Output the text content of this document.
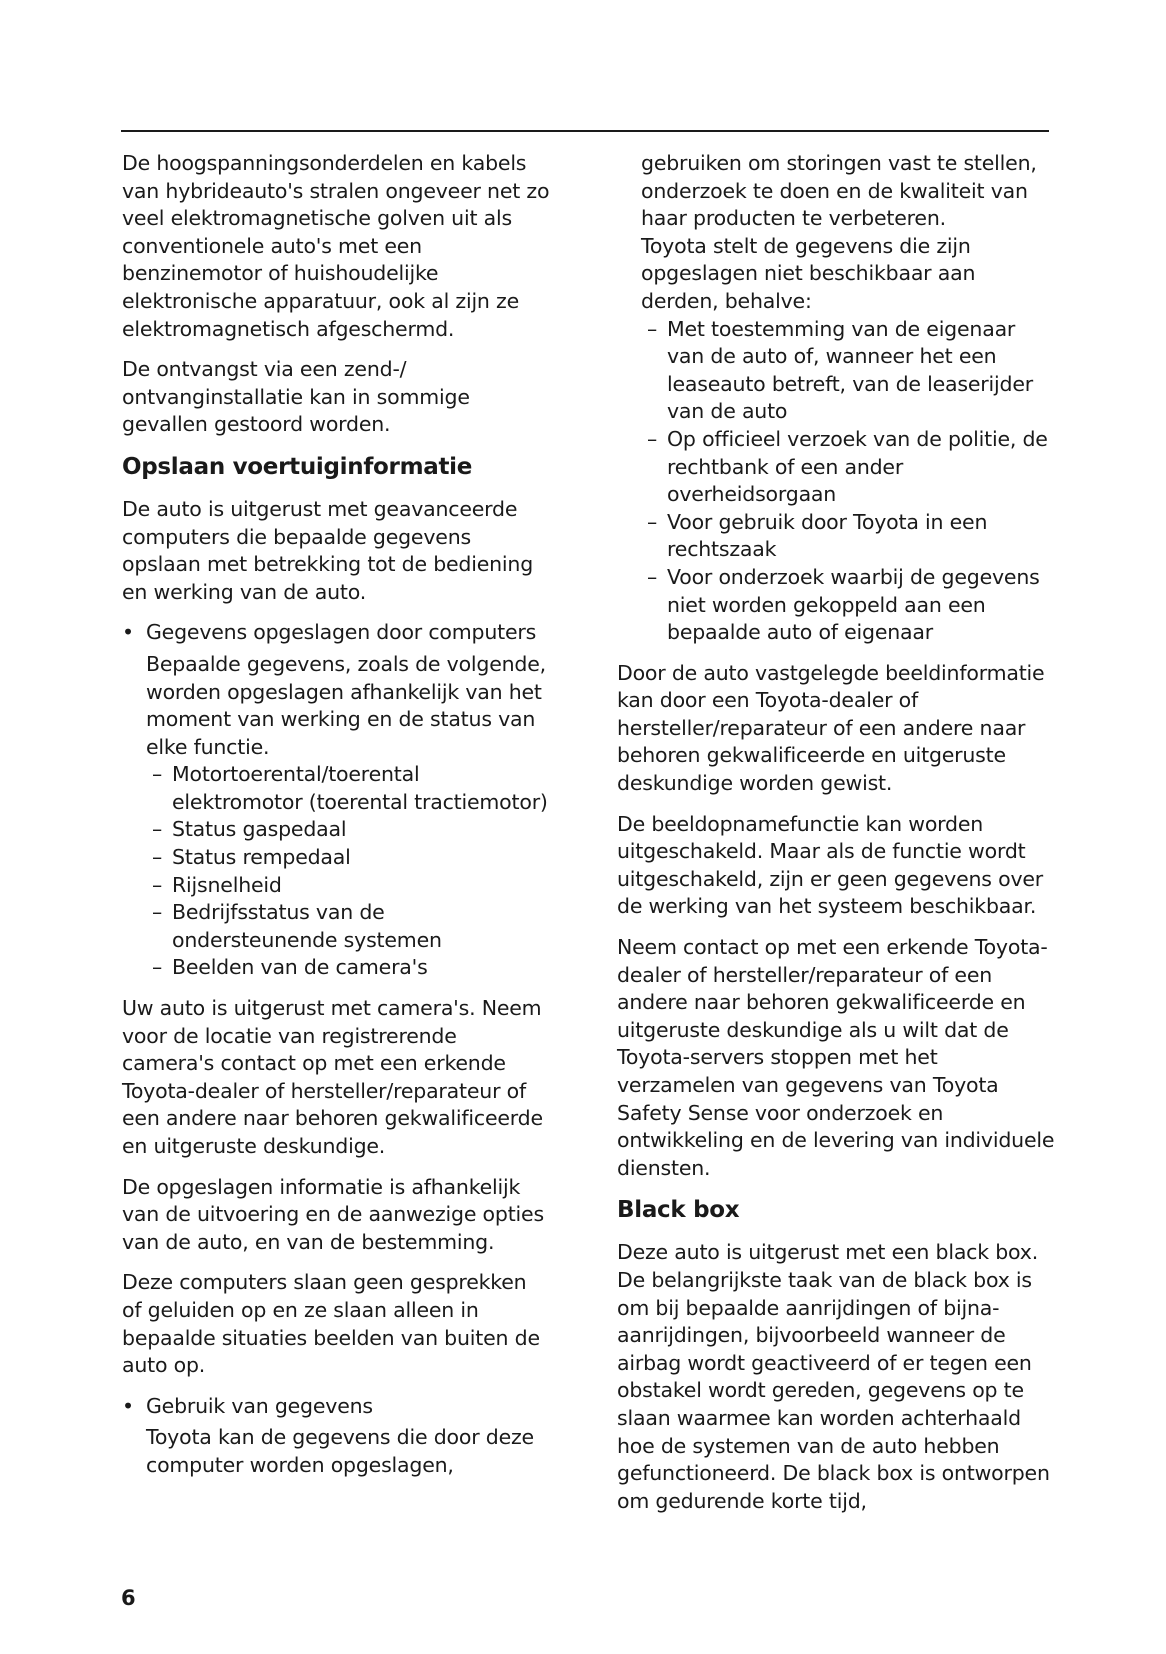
De hoogspanningsonderdelen en kabels van hybrideauto's stralen ongeveer net zo veel elektromagnetische golven uit als conventionele auto's met een benzinemotor of huishoudelijke elektronische apparatuur, ook al zijn ze elektromagnetisch afgeschermd.

De ontvangst via een zend-/ ontvanginstallatie kan in sommige gevallen gestoord worden.

Opslaan voertuiginformatie

De auto is uitgerust met geavanceerde computers die bepaalde gegevens opslaan met betrekking tot de bediening en werking van de auto.

• Gegevens opgeslagen door computers

Bepaalde gegevens, zoals de volgende, worden opgeslagen afhankelijk van het moment van werking en de status van elke functie.

– Motortoerental/toerental elektromotor (toerental tractiemotor)
– Status gaspedaal
– Status rempedaal
– Rijsnelheid
– Bedrijfsstatus van de ondersteunende systemen
– Beelden van de camera's

Uw auto is uitgerust met camera's. Neem voor de locatie van registrerende camera's contact op met een erkende Toyota-dealer of hersteller/reparateur of een andere naar behoren gekwalificeerde en uitgeruste deskundige.

De opgeslagen informatie is afhankelijk van de uitvoering en de aanwezige opties van de auto, en van de bestemming.

Deze computers slaan geen gesprekken of geluiden op en ze slaan alleen in bepaalde situaties beelden van buiten de auto op.

• Gebruik van gegevens

Toyota kan de gegevens die door deze computer worden opgeslagen,

gebruiken om storingen vast te stellen, onderzoek te doen en de kwaliteit van haar producten te verbeteren.

Toyota stelt de gegevens die zijn opgeslagen niet beschikbaar aan derden, behalve:

– Met toestemming van de eigenaar van de auto of, wanneer het een leaseauto betreft, van de leaserijder van de auto
– Op officieel verzoek van de politie, de rechtbank of een ander overheidsorgaan
– Voor gebruik door Toyota in een rechtszaak
– Voor onderzoek waarbij de gegevens niet worden gekoppeld aan een bepaalde auto of eigenaar

Door de auto vastgelegde beeldinformatie kan door een Toyota-dealer of hersteller/reparateur of een andere naar behoren gekwalificeerde en uitgeruste deskundige worden gewist.

De beeldopnamefunctie kan worden uitgeschakeld. Maar als de functie wordt uitgeschakeld, zijn er geen gegevens over de werking van het systeem beschikbaar.

Neem contact op met een erkende Toyota-dealer of hersteller/reparateur of een andere naar behoren gekwalificeerde en uitgeruste deskundige als u wilt dat de Toyota-servers stoppen met het verzamelen van gegevens van Toyota Safety Sense voor onderzoek en ontwikkeling en de levering van individuele diensten.

Black box

Deze auto is uitgerust met een black box. De belangrijkste taak van de black box is om bij bepaalde aanrijdingen of bijna-aanrijdingen, bijvoorbeeld wanneer de airbag wordt geactiveerd of er tegen een obstakel wordt gereden, gegevens op te slaan waarmee kan worden achterhaald hoe de systemen van de auto hebben gefunctioneerd. De black box is ontworpen om gedurende korte tijd,

6
